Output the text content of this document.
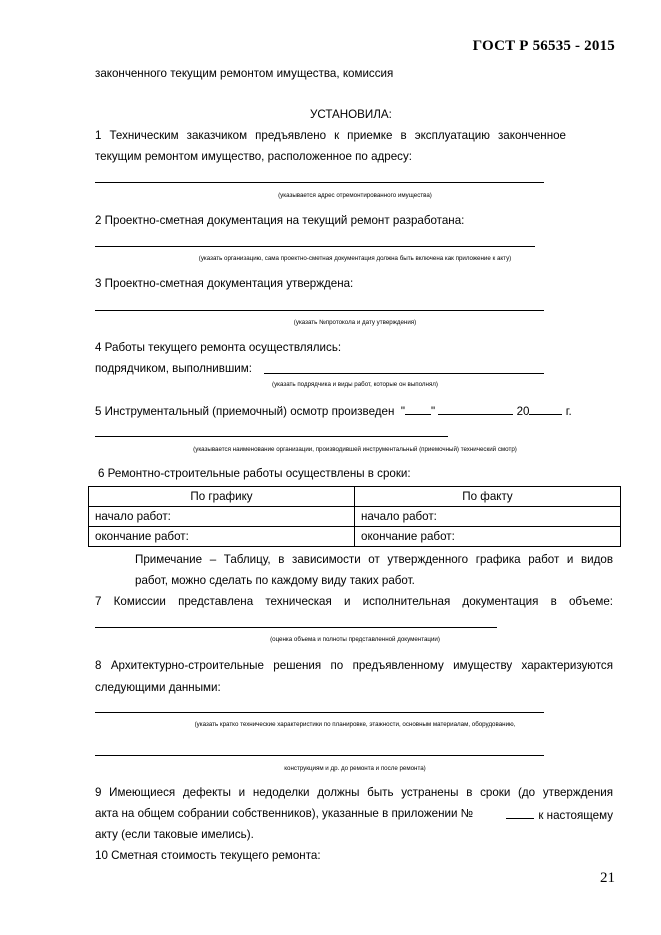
ГОСТ Р 56535 - 2015
законченного текущим ремонтом имущества, комиссия
УСТАНОВИЛА:
1 Техническим заказчиком предъявлено к приемке в эксплуатацию законченное
текущим ремонтом имущество, расположенное по адресу:
(указывается адрес отремонтированного имущества)
2 Проектно-сметная документация на текущий ремонт разработана:
(указать организацию, сама проектно-сметная документация должна быть включена как приложение к акту)
3 Проектно-сметная документация утверждена:
(указать №протокола и дату утверждения)
4 Работы текущего ремонта осуществлялись:
подрядчиком, выполнившим:
(указать подрядчика и виды работ, которые он выполнял)
5 Инструментальный (приемочный) осмотр произведен " "	20	г.
(указывается наименование организации, производившей инструментальный (приемочный) технический смотр)
6 Ремонтно-строительные работы осуществлены в сроки:
По графику	По факту
начало работ:	начало работ:
окончание работ:	окончание работ:
Примечание – Таблицу, в зависимости от утвержденного графика работ и видов
работ, можно сделать по каждому виду таких работ.
7 Комиссии представлена техническая и исполнительная документация в объеме:
(оценка объема и полноты представленной документации)
8 Архитектурно-строительные решения по предъявленному имуществу характеризуются
следующими данными:
(указать кратко технические характеристики по планировке, этажности, основным материалам, оборудованию,
конструкциям и др. до ремонта и после ремонта)
9 Имеющиеся дефекты и недоделки должны быть устранены в сроки (до утверждения
акта на общем собрании собственников), указанные в приложении №	к настоящему
акту (если таковые имелись).
10 Сметная стоимость текущего ремонта:
21
